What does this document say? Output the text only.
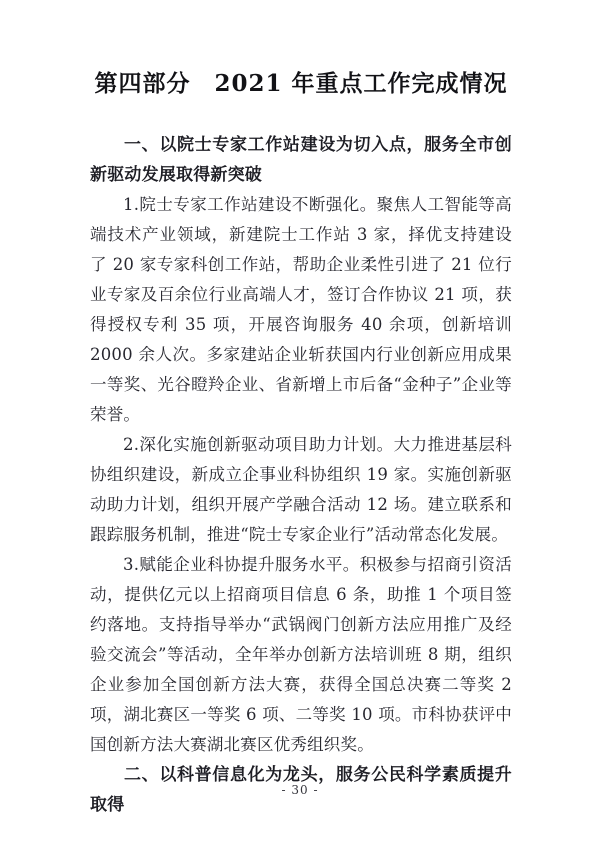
第四部分　2021 年重点工作完成情况
一、以院士专家工作站建设为切入点，服务全市创新驱动发展取得新突破

1.院士专家工作站建设不断强化。聚焦人工智能等高端技术产业领域，新建院士工作站 3 家，择优支持建设了 20 家专家科创工作站，帮助企业柔性引进了 21 位行业专家及百余位行业高端人才，签订合作协议 21 项，获得授权专利 35 项，开展咨询服务 40 余项，创新培训 2000 余人次。多家建站企业斩获国内行业创新应用成果一等奖、光谷瞪羚企业、省新增上市后备“金种子”企业等荣誉。

2.深化实施创新驱动项目助力计划。大力推进基层科协组织建设，新成立企事业科协组织 19 家。实施创新驱动助力计划，组织开展产学融合活动 12 场。建立联系和跟踪服务机制，推进“院士专家企业行”活动常态化发展。

3.赋能企业科协提升服务水平。积极参与招商引资活动，提供亿元以上招商项目信息 6 条，助推 1 个项目签约落地。支持指导举办“武锅阀门创新方法应用推广及经验交流会”等活动，全年举办创新方法培训班 8 期，组织企业参加全国创新方法大赛，获得全国总决赛二等奖 2 项，湖北赛区一等奖 6 项、二等奖 10 项。市科协获评中国创新方法大赛湖北赛区优秀组织奖。

二、以科普信息化为龙头，服务公民科学素质提升取得
- 30 -
